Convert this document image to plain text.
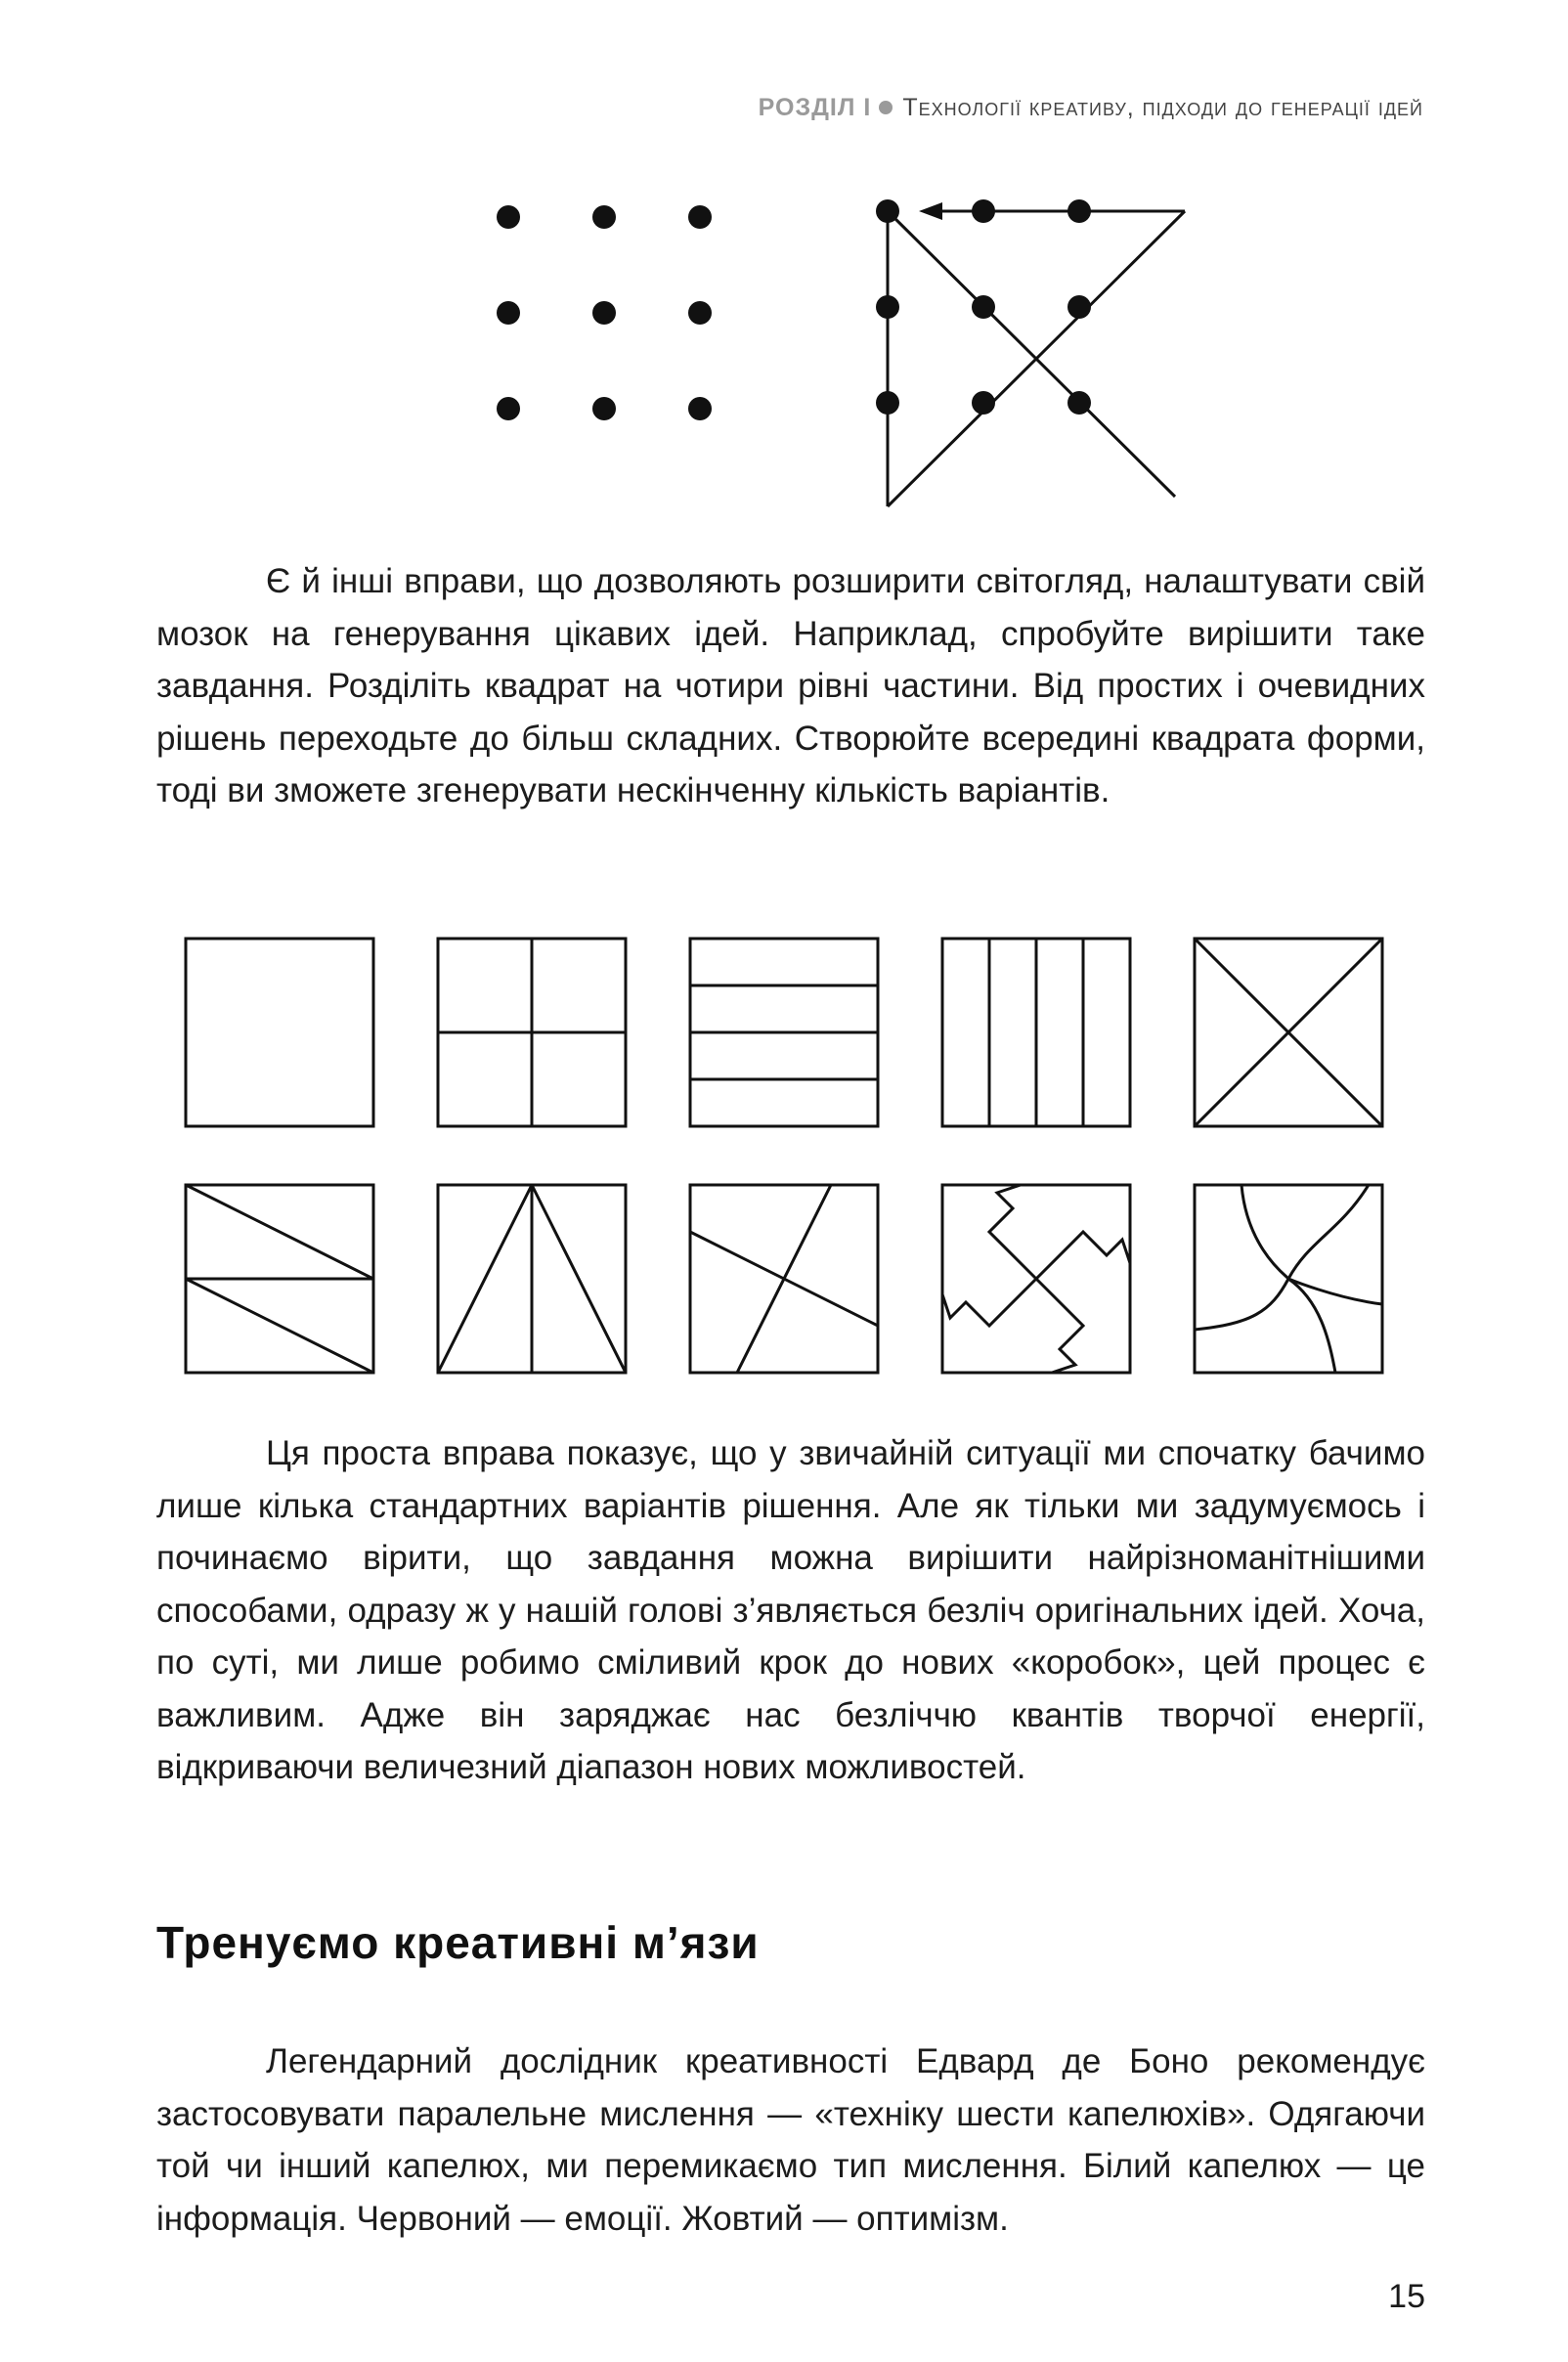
РОЗДІЛ I Технології креативу, підходи до генерації ідей

Є й інші вправи, що дозволяють розширити світогляд, налаштувати свій мозок на генерування цікавих ідей. Наприклад, спробуйте вирішити таке завдання. Розділіть квадрат на чотири рівні частини. Від простих і очевидних рішень переходьте до більш складних. Створюйте всередині квадрата форми, тоді ви зможете згенерувати нескінченну кількість варіантів.

Ця проста вправа показує, що у звичайній ситуації ми спочатку бачимо лише кілька стандартних варіантів рішення. Але як тільки ми задумуємось і починаємо вірити, що завдання можна вирішити найрізноманітнішими способами, одразу ж у нашій голові з’являється безліч оригінальних ідей. Хоча, по суті, ми лише робимо сміливий крок до нових «коробок», цей процес є важливим. Адже він заряджає нас безліччю квантів творчої енергії, відкриваючи величезний діапазон нових можливостей.

Тренуємо креативні м’язи

Легендарний дослідник креативності Едвард де Боно рекомендує застосовувати паралельне мислення — «техніку шести капелюхів». Одягаючи той чи інший капелюх, ми перемикаємо тип мислення. Білий капелюх — це інформація. Червоний — емоції. Жовтий — оптимізм.

15
